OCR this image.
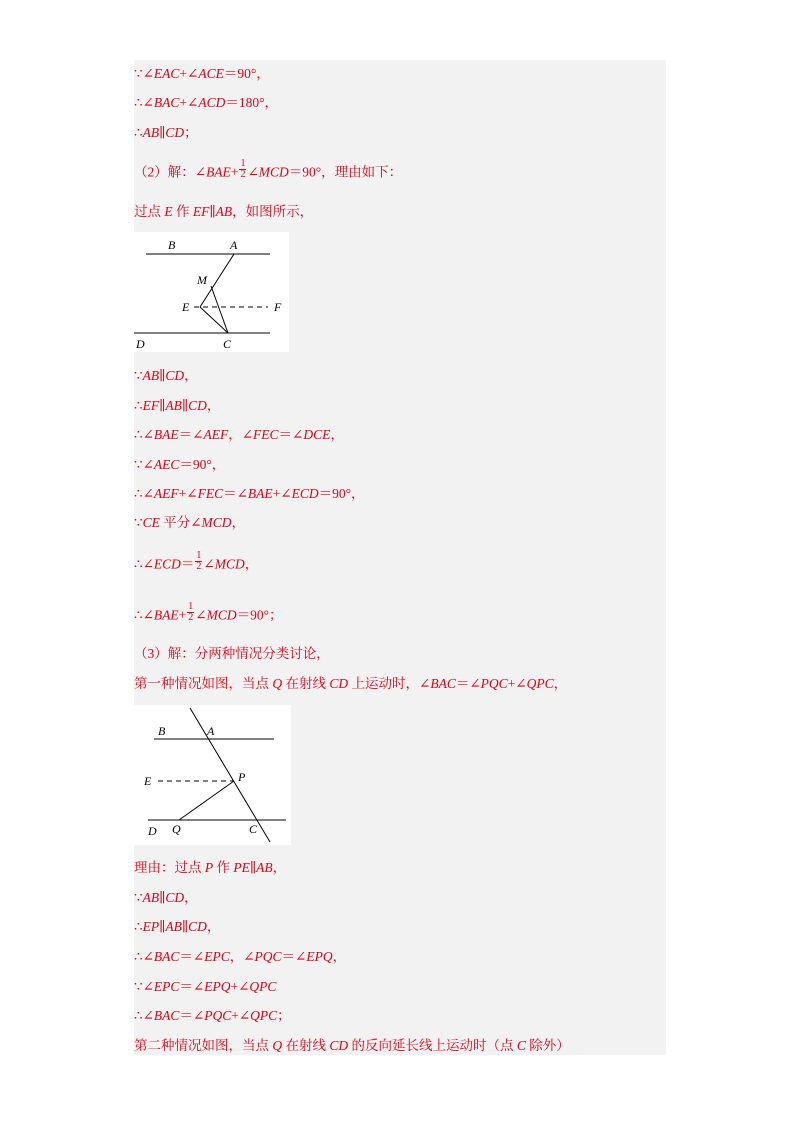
∵∠EAC+∠ACE＝90°，
∴∠BAC+∠ACD＝180°，
∴AB∥CD；
（2）解：∠BAE+ $\frac{1}{2}$ ∠MCD＝90°，理由如下：
过点 E 作 EF∥AB，如图所示，
B	A
M
E	F
D	C
∵AB∥CD，
∴EF∥AB∥CD，
∴∠BAE＝∠AEF，∠FEC＝∠DCE，
∵∠AEC＝90°，
∴∠AEF+∠FEC＝∠BAE+∠ECD＝90°，
∵CE 平分∠MCD，
∴∠ECD＝ $\frac{1}{2}$ ∠MCD，
∴∠BAE+ $\frac{1}{2}$ ∠MCD＝90°；
（3）解：分两种情况分类讨论，
第一种情况如图，当点 Q 在射线 CD 上运动时，∠BAC＝∠PQC+∠QPC，
B	A
E	P
D Q	C
理由：过点 P 作 PE∥AB，
∵AB∥CD，
∴EP∥AB∥CD，
∴∠BAC＝∠EPC，∠PQC＝∠EPQ，
∵∠EPC＝∠EPQ+∠QPC
∴∠BAC＝∠PQC+∠QPC；
第二种情况如图，当点 Q 在射线 CD 的反向延长线上运动时（点 C 除外）
